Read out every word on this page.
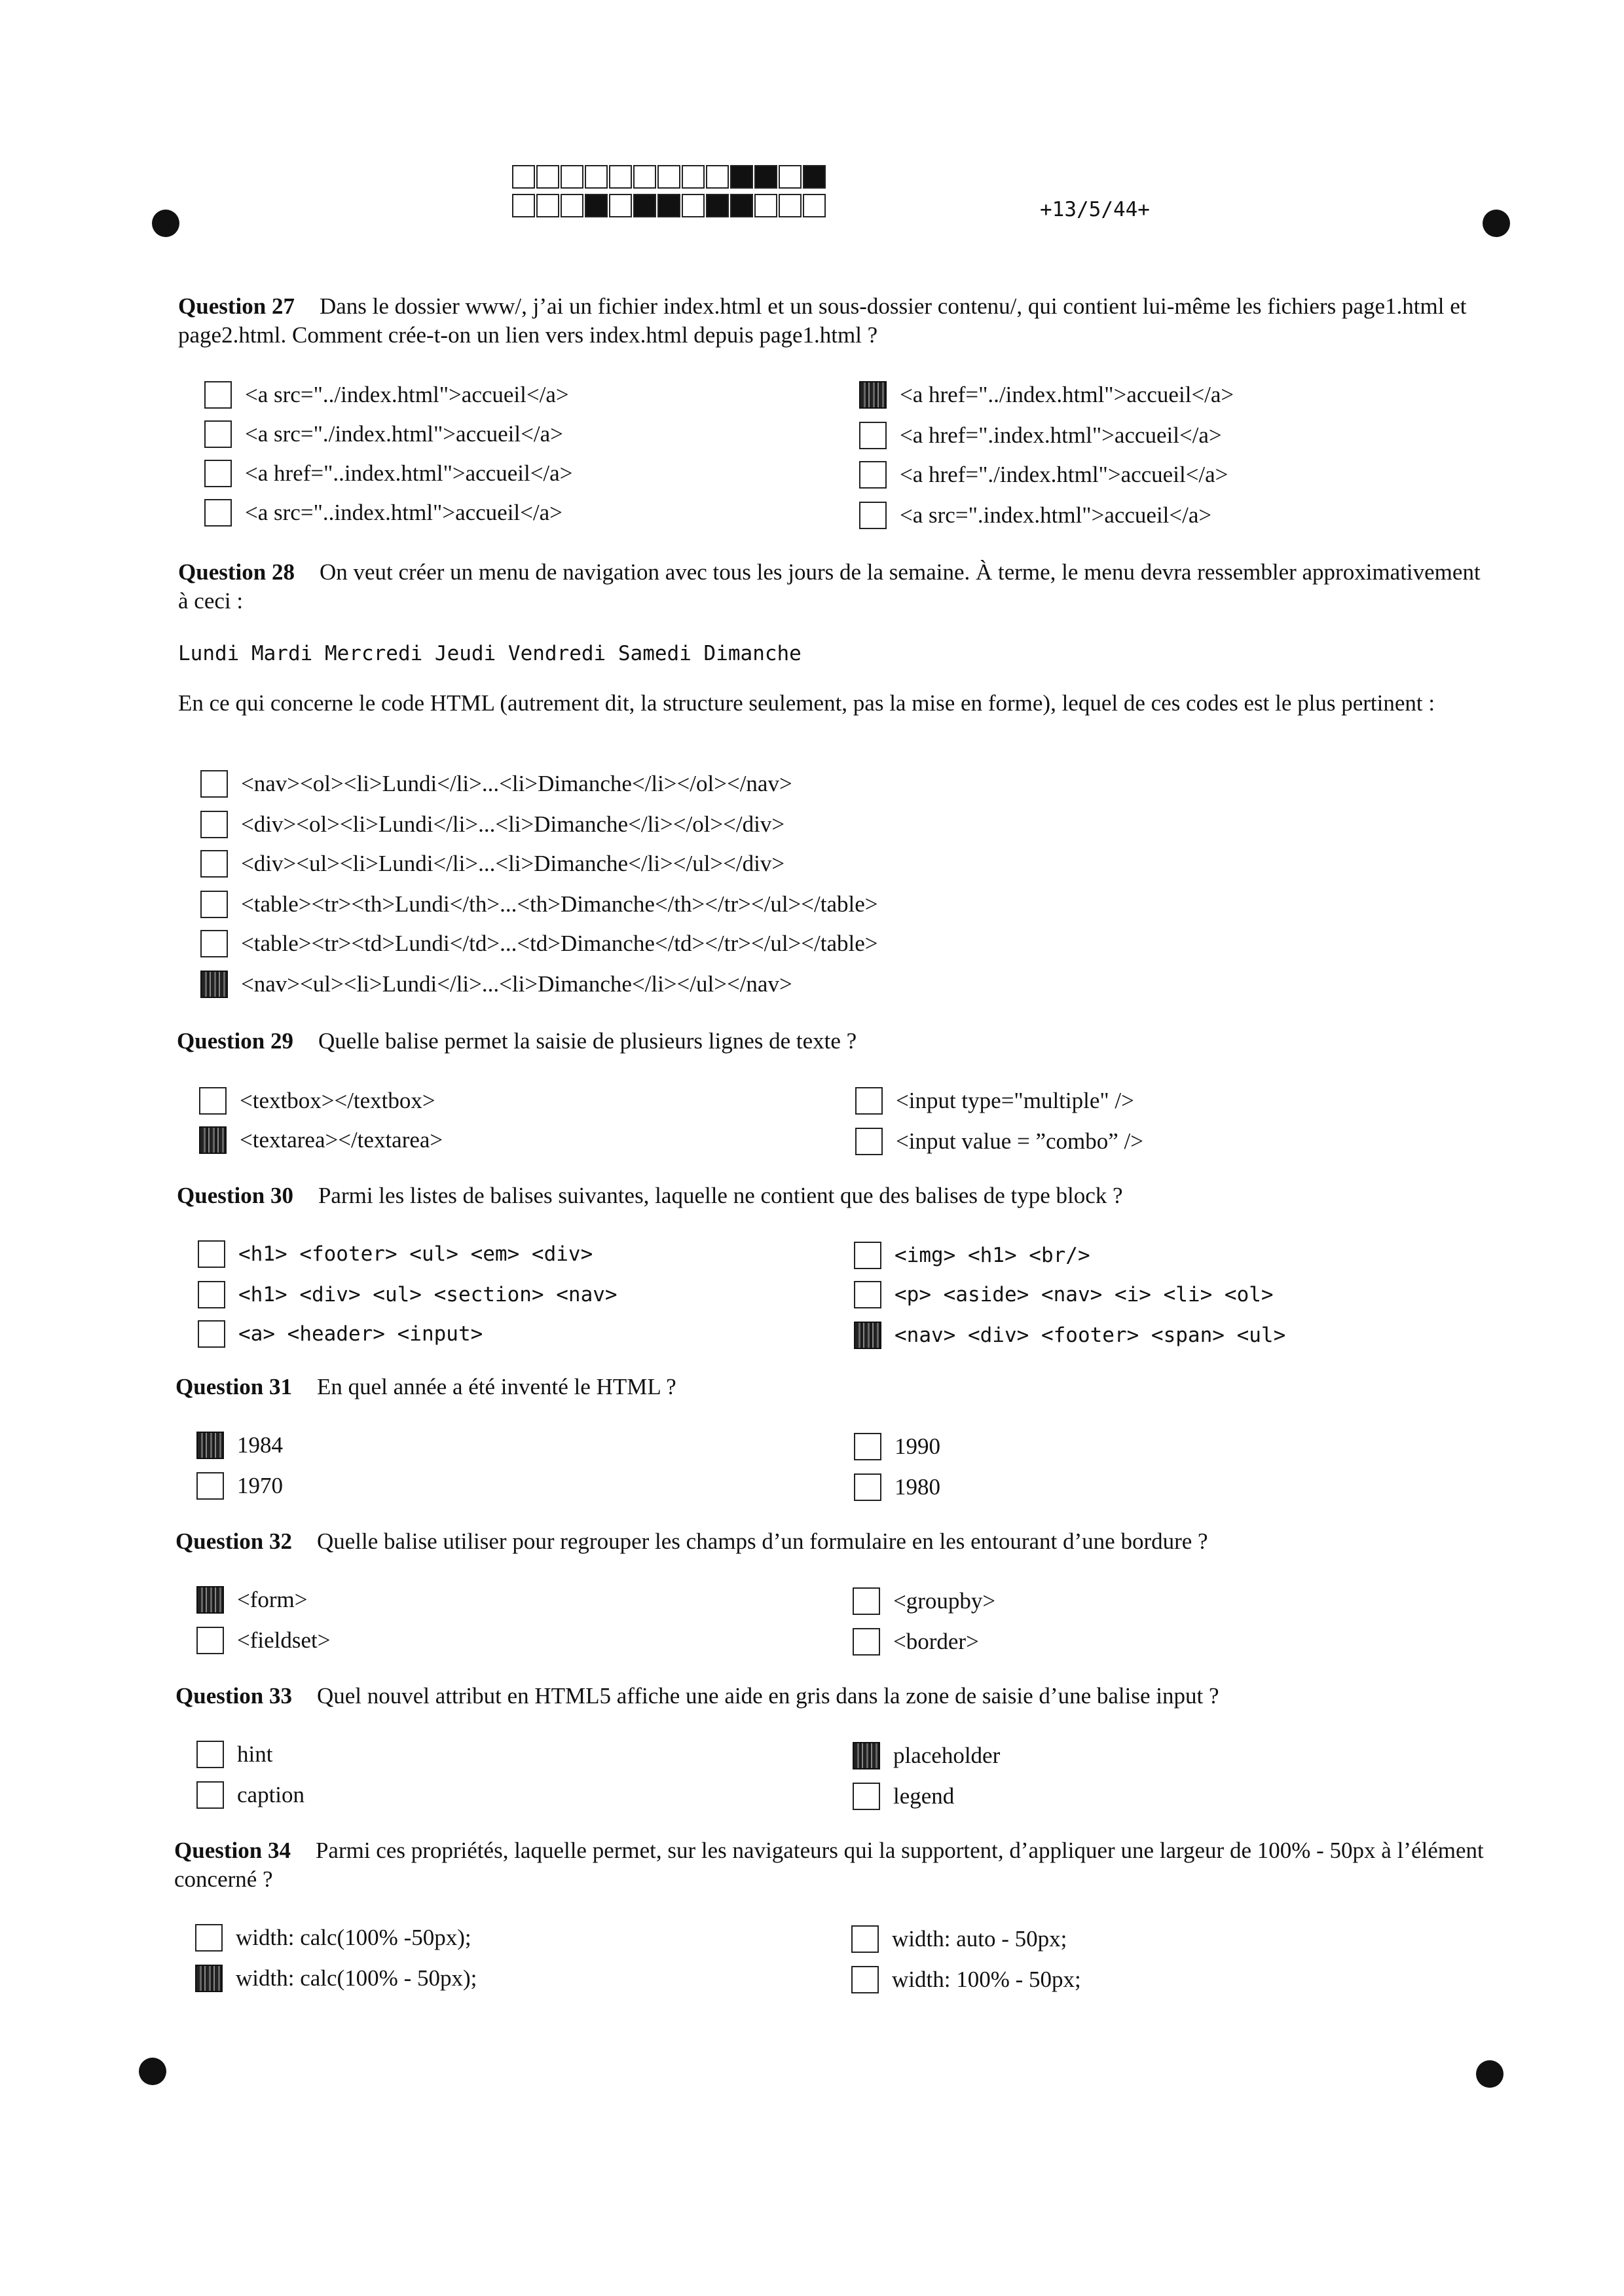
+13/5/44+
Question 27 Dans le dossier www/, j’ai un fichier index.html et un sous-dossier contenu/, qui contient lui-même les fichiers page1.html et page2.html. Comment crée-t-on un lien vers index.html depuis page1.html ?
<a src="../index.html">accueil</a>
<a src="./index.html">accueil</a>
<a href="..index.html">accueil</a>
<a src="..index.html">accueil</a>
<a href="../index.html">accueil</a>
<a href=".index.html">accueil</a>
<a href="./index.html">accueil</a>
<a src=".index.html">accueil</a>
Question 28 On veut créer un menu de navigation avec tous les jours de la semaine. À terme, le menu devra ressembler approximativement à ceci :
Lundi Mardi Mercredi Jeudi Vendredi Samedi Dimanche
En ce qui concerne le code HTML (autrement dit, la structure seulement, pas la mise en forme), lequel de ces codes est le plus pertinent :
<nav><ol><li>Lundi</li>...<li>Dimanche</li></ol></nav>
<div><ol><li>Lundi</li>...<li>Dimanche</li></ol></div>
<div><ul><li>Lundi</li>...<li>Dimanche</li></ul></div>
<table><tr><th>Lundi</th>...<th>Dimanche</th></tr></ul></table>
<table><tr><td>Lundi</td>...<td>Dimanche</td></tr></ul></table>
<nav><ul><li>Lundi</li>...<li>Dimanche</li></ul></nav>
Question 29 Quelle balise permet la saisie de plusieurs lignes de texte ?
<textbox></textbox>
<textarea></textarea>
<input type="multiple" />
<input value = ”combo” />
Question 30 Parmi les listes de balises suivantes, laquelle ne contient que des balises de type block ?
<h1> <footer> <ul> <em> <div>
<h1> <div> <ul> <section> <nav>
<a> <header> <input>
<img> <h1> <br/>
<p> <aside> <nav> <i> <li> <ol>
<nav> <div> <footer> <span> <ul>
Question 31 En quel année a été inventé le HTML ?
1984
1970
1990
1980
Question 32 Quelle balise utiliser pour regrouper les champs d’un formulaire en les entourant d’une bordure ?
<form>
<fieldset>
<groupby>
<border>
Question 33 Quel nouvel attribut en HTML5 affiche une aide en gris dans la zone de saisie d’une balise input ?
hint
caption
placeholder
legend
Question 34 Parmi ces propriétés, laquelle permet, sur les navigateurs qui la supportent, d’appliquer une largeur de 100% - 50px à l’élément concerné ?
width: calc(100% -50px);
width: calc(100% - 50px);
width: auto - 50px;
width: 100% - 50px;
